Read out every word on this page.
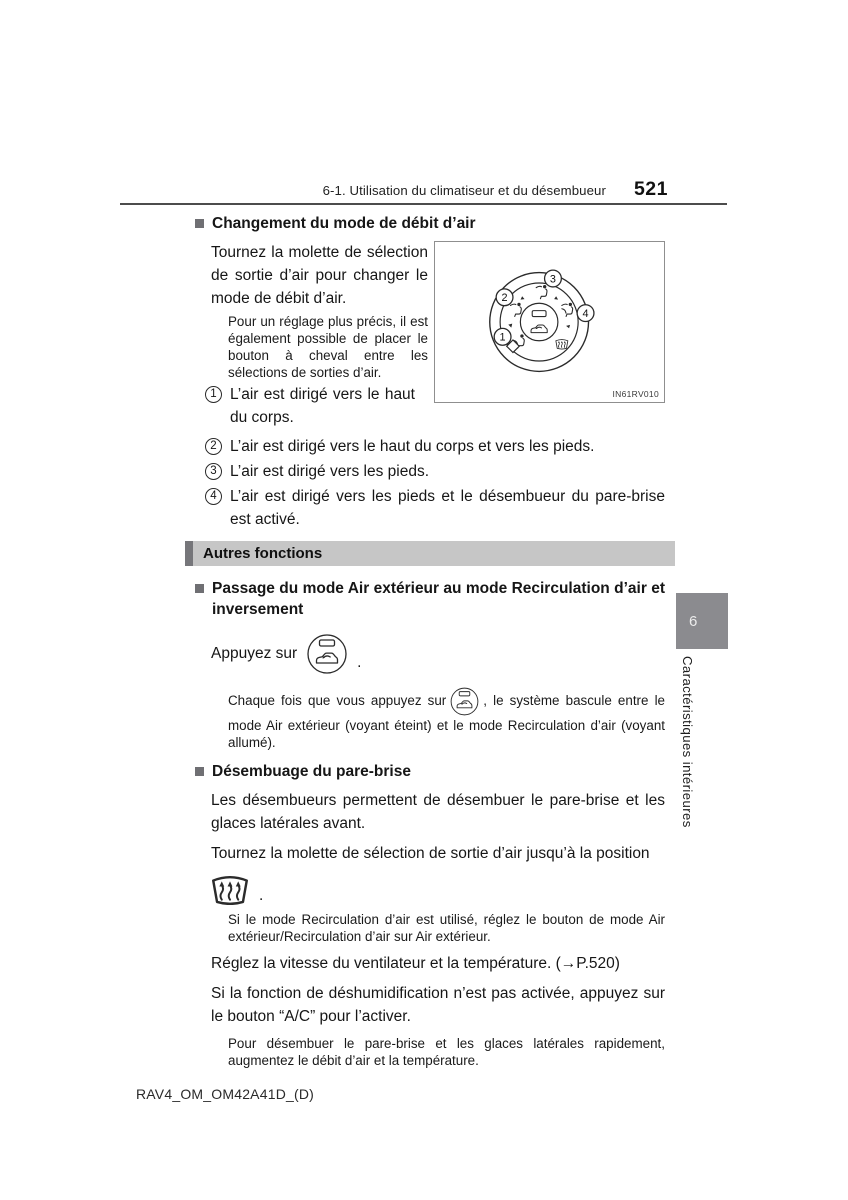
6-1. Utilisation du climatiseur et du désembueur 521
Changement du mode de débit d’air

Tournez la molette de sélection de sortie d’air pour changer le mode de débit d’air.

Pour un réglage plus précis, il est également possible de placer le bouton à cheval entre les sélections de sorties d’air.

1 L’air est dirigé vers le haut du corps.
1
2
3
4
IN61RV010
2 L’air est dirigé vers le haut du corps et vers les pieds.
3 L’air est dirigé vers les pieds.
4 L’air est dirigé vers les pieds et le désembueur du pare-brise est activé.
Autres fonctions
Passage du mode Air extérieur au mode Recirculation d’air et inversement
Appuyez sur
.

Chaque fois que vous appuyez sur	, le système bascule entre le mode Air extérieur (voyant éteint) et le mode Recirculation d’air (voyant allumé).

Désembuage du pare-brise

Les désembueurs permettent de désembuer le pare-brise et les glaces latérales avant.

Tournez la molette de sélection de sortie d’air jusqu’à la position

.

Si le mode Recirculation d’air est utilisé, réglez le bouton de mode Air extérieur/Recirculation d’air sur Air extérieur.

Réglez la vitesse du ventilateur et la température. (→P.520)

Si la fonction de déshumidification n’est pas activée, appuyez sur le bouton “A/C” pour l’activer.

Pour désembuer le pare-brise et les glaces latérales rapidement, augmentez le débit d’air et la température.

6
Caractéristiques intérieures
RAV4_OM_OM42A41D_(D)
